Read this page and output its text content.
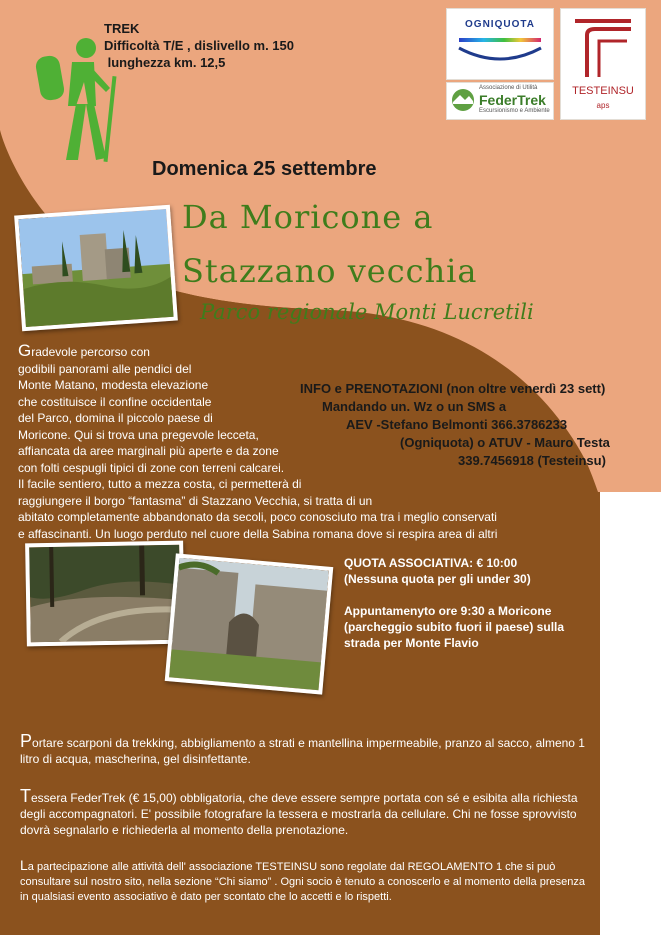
TREK
Difficoltà T/E , dislivello m. 150
lunghezza km. 12,5
OGNIQUOTA
Associazione di Utilità
FederTrek
Escursionismo e Ambiente
TESTEINSU
aps
Domenica 25 settembre
Da Moricone a
Stazzano vecchia
Parco regionale Monti Lucretili
Gradevole percorso con
godibili panorami alle pendici del
Monte Matano, modesta elevazione
che costituisce il confine occidentale
del Parco, domina il piccolo paese di
Moricone. Qui si trova una pregevole lecceta,
affiancata da aree marginali più aperte e da zone
con folti cespugli tipici di zone con terreni calcarei.
Il facile sentiero, tutto a mezza costa, ci permetterà di
raggiungere il borgo “fantasma” di Stazzano Vecchia, si tratta di un
abitato completamente abbandonato da secoli, poco conosciuto ma tra i meglio conservati
e affascinanti. Un luogo perduto nel cuore della Sabina romana dove si respira area di altri
INFO e PRENOTAZIONI (non oltre venerdì 23 sett)
Mandando un. Wz o un SMS a
AEV -Stefano Belmonti 366.3786233
(Ogniquota) o ATUV - Mauro Testa
339.7456918 (Testeinsu)
QUOTA ASSOCIATIVA: € 10:00
(Nessuna quota per gli under 30)
Appuntamenyto ore 9:30 a Moricone
(parcheggio subito fuori il paese) sulla
strada per Monte Flavio
Portare scarponi da trekking, abbigliamento a strati e mantellina impermeabile, pranzo al sacco, almeno 1 litro di acqua, mascherina, gel disinfettante.
Tessera FederTrek (€ 15,00) obbligatoria, che deve essere sempre portata con sé e esibita alla richiesta degli accompagnatori. E' possibile fotografare la tessera e mostrarla da cellulare. Chi ne fosse sprovvisto dovrà segnalarlo e richiederla al momento della prenotazione.
La partecipazione alle attività dell' associazione TESTEINSU sono regolate dal REGOLAMENTO 1 che si può consultare sul nostro sito, nella sezione “Chi siamo” . Ogni socio è tenuto a conoscerlo e al momento della presenza in qualsiasi evento associativo è dato per scontato che lo accetti e lo rispetti.
